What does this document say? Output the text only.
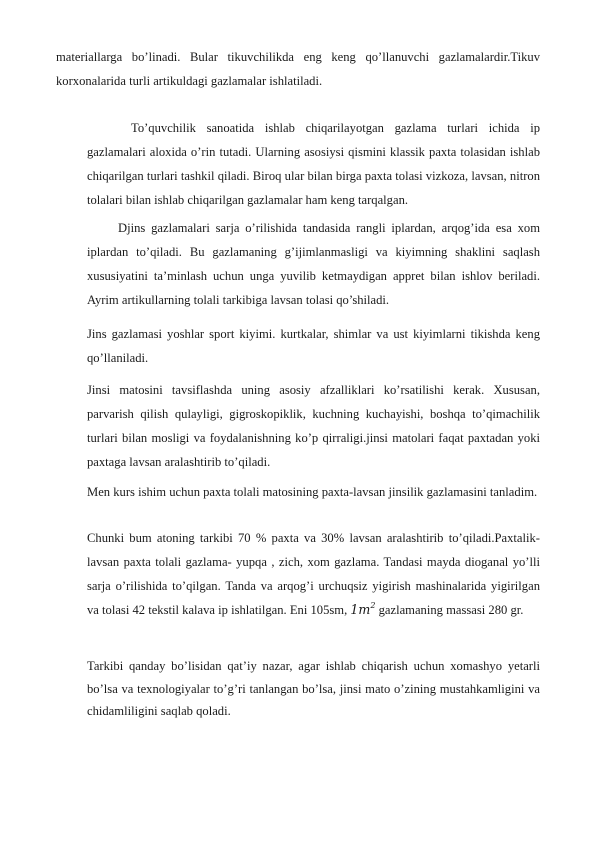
materiallarga bo’linadi. Bular tikuvchilikda eng keng qo’llanuvchi gazlamalardir.Tikuv korxonalarida turli artikuldagi gazlamalar ishlatiladi.

To’quvchilik sanoatida ishlab chiqarilayotgan gazlama turlari ichida ip gazlamalari aloxida o’rin tutadi. Ularning asosiysi qismini klassik paxta tolasidan ishlab chiqarilgan turlari tashkil qiladi. Biroq ular bilan birga paxta tolasi vizkoza, lavsan, nitron tolalari bilan ishlab chiqarilgan gazlamalar ham keng tarqalgan.

Djins gazlamalari sarja o’rilishida tandasida rangli iplardan, arqog’ida esa xom iplardan to’qiladi. Bu gazlamaning g’ijimlanmasligi va kiyimning shaklini saqlash xususiyatini ta’minlash uchun unga yuvilib ketmaydigan appret bilan ishlov beriladi. Ayrim artikullarning tolali tarkibiga lavsan tolasi qo’shiladi.

Jins gazlamasi yoshlar sport kiyimi. kurtkalar, shimlar va ust kiyimlarni tikishda keng qo’llaniladi.

Jinsi matosini tavsiflashda uning asosiy afzalliklari ko’rsatilishi kerak. Xususan, parvarish qilish qulayligi, gigroskopiklik, kuchning kuchayishi, boshqa to’qimachilik turlari bilan mosligi va foydalanishning ko’p qirraligi.jinsi matolari faqat paxtadan yoki paxtaga lavsan aralashtirib to’qiladi.

Men kurs ishim uchun paxta tolali matosining paxta-lavsan jinsilik gazlamasini tanladim.

Chunki bum atoning tarkibi 70 % paxta va 30% lavsan aralashtirib to’qiladi.Paxtalik-lavsan paxta tolali gazlama- yupqa , zich, xom gazlama. Tandasi mayda dioganal yo’lli sarja o’rilishida to’qilgan. Tanda va arqog’i urchuqsiz yigirish mashinalarida yigirilgan va tolasi 42 tekstil kalava ip ishlatilgan. Eni 105sm, $1m^2$ gazlamaning massasi 280 gr.

Tarkibi qanday bo’lisidan qat’iy nazar, agar ishlab chiqarish uchun xomashyo yetarli bo’lsa va texnologiyalar to’g’ri tanlangan bo’lsa, jinsi mato o’zining mustahkamligini va chidamliligini saqlab qoladi.
